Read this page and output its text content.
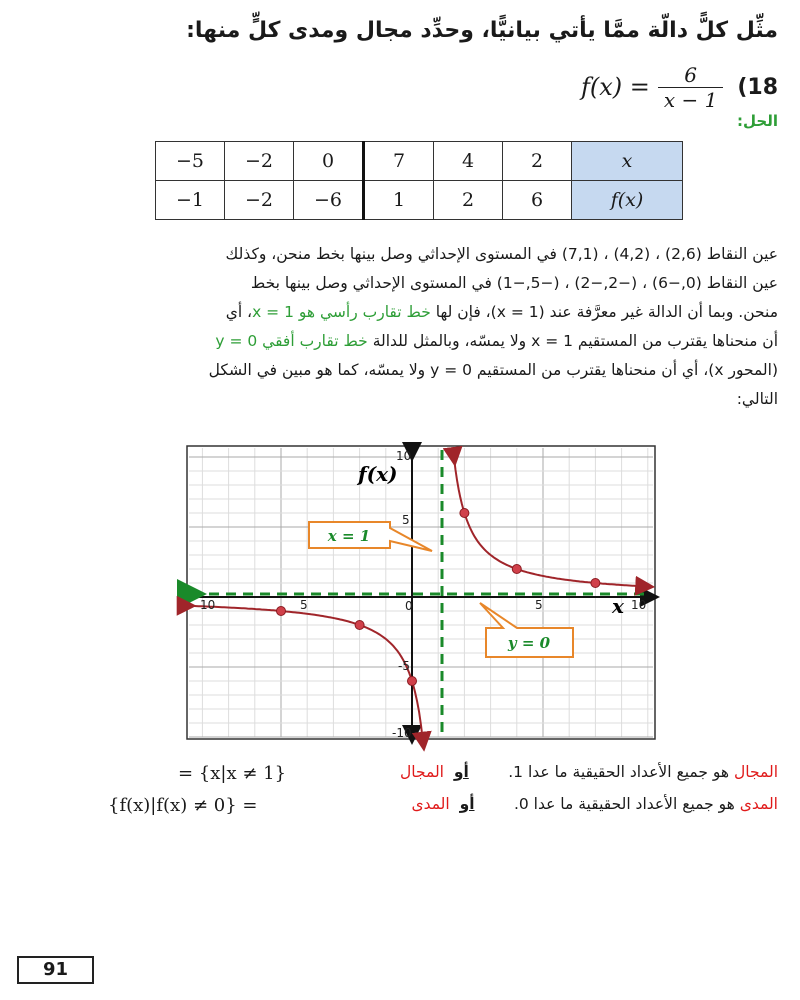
مثِّل كلًّ دالّة ممَّا يأتي بيانيًّا، وحدِّد مجال ومدى كلٍّ منها:
$f(x) = \frac{6}{x - 1} (18$
الحل:
−5	−2	0	7	4	2	x
−1	−2	−6	1	2	6	f(x)

عين النقاط (2,6) ، (4,2) ، (7,1) في المستوى الإحداثي وصل بينها بخط منحن، وكذلك

عين النقاط (0,−6) ، (−2,−2) ، (−5,−1) في المستوى الإحداثي وصل بينها بخط

منحن. وبما أن الدالة غير معرَّفة عند (x = 1)، فإن لها خط تقارب رأسي هو x = 1، أي

أن منحناها يقترب من المستقيم x = 1 ولا يمسّه، وبالمثل للدالة خط تقارب أفقي y = 0

(المحور x)، أي أن منحناها يقترب من المستقيم y = 0 ولا يمسّه، كما هو مبين في الشكل

التالي:

f(x)
x
10
5
-5
-10
10	5	0	5	10
x = 1
y = 0
المجال هو جميع الأعداد الحقيقية ما عدا 1.        أو  المجال
= {x|x ≠ 1}
المدى هو جميع الأعداد الحقيقية ما عدا 0.        أو  المدى
{f(x)|f(x) ≠ 0} =
91
